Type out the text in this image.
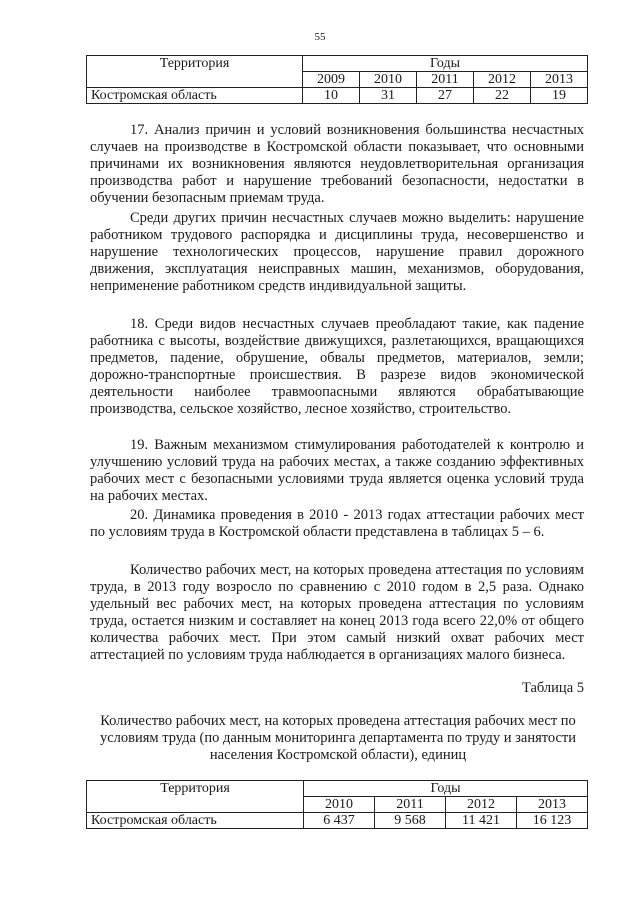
55
Территория	Годы				
	2009	2010	2011	2012	2013
Костромская область	10	31	27	22	19

17. Анализ причин и условий возникновения большинства несчастных случаев на производстве в Костромской области показывает, что основными причинами их возникновения являются неудовлетворительная организация производства работ и нарушение требований безопасности, недостатки в обучении безопасным приемам труда.

Среди других причин несчастных случаев можно выделить: нарушение работником трудового распорядка и дисциплины труда, несовершенство и нарушение технологических процессов, нарушение правил дорожного движения, эксплуатация неисправных машин, механизмов, оборудования, неприменение работником средств индивидуальной защиты.

18. Среди видов несчастных случаев преобладают такие, как падение работника с высоты, воздействие движущихся, разлетающихся, вращающихся предметов, падение, обрушение, обвалы предметов, материалов, земли; дорожно-транспортные происшествия. В разрезе видов экономической деятельности наиболее травмоопасными являются обрабатывающие производства, сельское хозяйство, лесное хозяйство, строительство.

19. Важным механизмом стимулирования работодателей к контролю и улучшению условий труда на рабочих местах, а также созданию эффективных рабочих мест с безопасными условиями труда является оценка условий труда на рабочих местах.

20. Динамика проведения в 2010 - 2013 годах аттестации рабочих мест по условиям труда в Костромской области представлена в таблицах 5 – 6.

Количество рабочих мест, на которых проведена аттестация по условиям труда, в 2013 году возросло по сравнению с 2010 годом в 2,5 раза. Однако удельный вес рабочих мест, на которых проведена аттестация по условиям труда, остается низким и составляет на конец 2013 года всего 22,0% от общего количества рабочих мест. При этом самый низкий охват рабочих мест аттестацией по условиям труда наблюдается в организациях малого бизнеса.

Таблица 5

Количество рабочих мест, на которых проведена аттестация рабочих мест по условиям труда (по данным мониторинга департамента по труду и занятости населения Костромской области), единиц

Территория	Годы			
	2010	2011	2012	2013
Костромская область	6 437	9 568	11 421	16 123
